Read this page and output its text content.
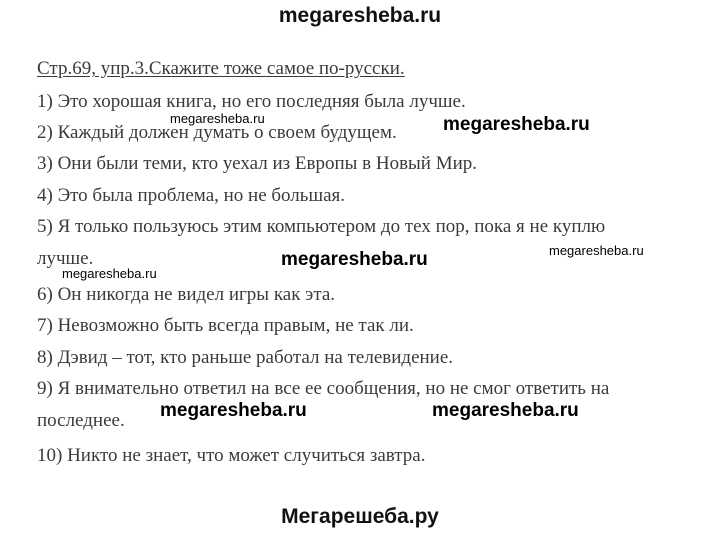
megaresheba.ru
Стр.69, упр.3.Скажите тоже самое по-русски.
1) Это хорошая книга, но его последняя была лучше.
2) Каждый должен думать о своем будущем.
3) Они были теми, кто уехал из Европы в Новый Мир.
4) Это была проблема, но не большая.
5) Я только пользуюсь этим компьютером до тех пор, пока я не куплю
лучше.
6) Он никогда не видел игры как эта.
7) Невозможно быть всегда правым, не так ли.
8) Дэвид – тот, кто раньше работал на телевидение.
9) Я внимательно ответил на все ее сообщения, но не смог ответить на
последнее.
10) Никто не знает, что может случиться завтра.
megaresheba.ru	megaresheba.ru
megaresheba.ru
megaresheba.ru
megaresheba.ru
megaresheba.ru	megaresheba.ru
Мегарешеба.ру
